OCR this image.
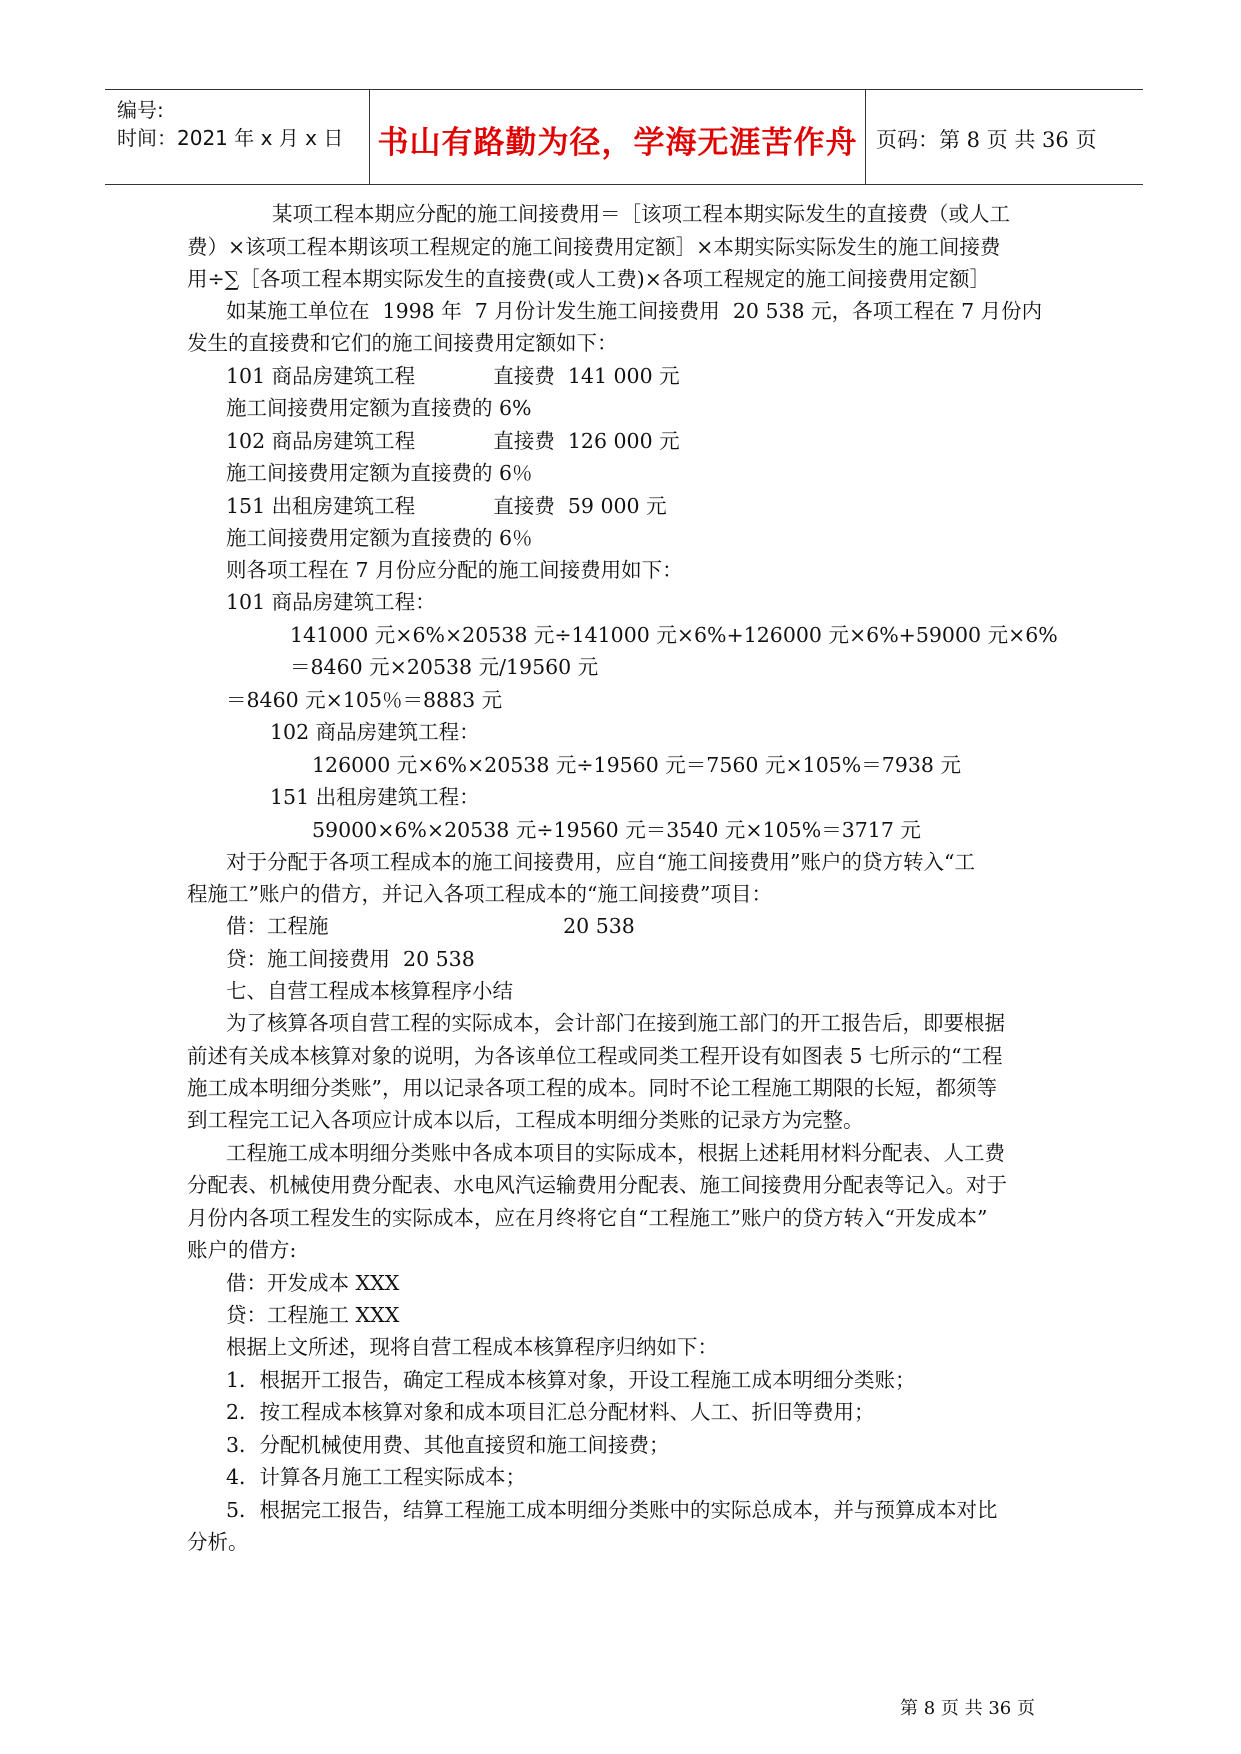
编号:
时间：2021 年 x 月 x 日 书山有路勤为径，学海无涯苦作舟 页码：第 8 页 共 36 页
某项工程本期应分配的施工间接费用＝［该项工程本期实际发生的直接费（或人工
费）×该项工程本期该项工程规定的施工间接费用定额］×本期实际实际发生的施工间接费
用÷∑［各项工程本期实际发生的直接费(或人工费)×各项工程规定的施工间接费用定额］
如某施工单位在  1998 年  7 月份计发生施工间接费用  20 538 元，各项工程在 7 月份内
发生的直接费和它们的施工间接费用定额如下：
101 商品房建筑工程            直接费  141 000 元
施工间接费用定额为直接费的 6%
102 商品房建筑工程            直接费  126 000 元
施工间接费用定额为直接费的 6％
151 出租房建筑工程            直接费  59 000 元
施工间接费用定额为直接费的 6％
则各项工程在 7 月份应分配的施工间接费用如下：
101 商品房建筑工程：
141000 元×6%×20538 元÷141000 元×6%+126000 元×6%+59000 元×6%
＝8460 元×20538 元/19560 元
＝8460 元×105％＝8883 元
102 商品房建筑工程：
126000 元×6%×20538 元÷19560 元＝7560 元×105%＝7938 元
151 出租房建筑工程：
59000×6%×20538 元÷19560 元＝3540 元×105%＝3717 元
对于分配于各项工程成本的施工间接费用，应自“施工间接费用”账户的贷方转入“工
程施工”账户的借方，并记入各项工程成本的“施工间接费”项目：
借：工程施                                    20 538
贷：施工间接费用  20 538
七、自营工程成本核算程序小结
为了核算各项自营工程的实际成本，会计部门在接到施工部门的开工报告后，即要根据
前述有关成本核算对象的说明，为各该单位工程或同类工程开设有如图表 5 七所示的“工程
施工成本明细分类账”，用以记录各项工程的成本。同时不论工程施工期限的长短，都须等
到工程完工记入各项应计成本以后，工程成本明细分类账的记录方为完整。
工程施工成本明细分类账中各成本项目的实际成本，根据上述耗用材料分配表、人工费
分配表、机械使用费分配表、水电风汽运输费用分配表、施工间接费用分配表等记入。对于
月份内各项工程发生的实际成本，应在月终将它自“工程施工”账户的贷方转入“开发成本”
账户的借方:
借：开发成本 XXX
贷：工程施工 XXX
根据上文所述，现将自营工程成本核算程序归纳如下：
1．根据开工报告，确定工程成本核算对象，开设工程施工成本明细分类账；
2．按工程成本核算对象和成本项目汇总分配材料、人工、折旧等费用；
3．分配机械使用费、其他直接贸和施工间接费；
4．计算各月施工工程实际成本；
5．根据完工报告，结算工程施工成本明细分类账中的实际总成本，并与预算成本对比
分析。
第 8 页 共 36 页
